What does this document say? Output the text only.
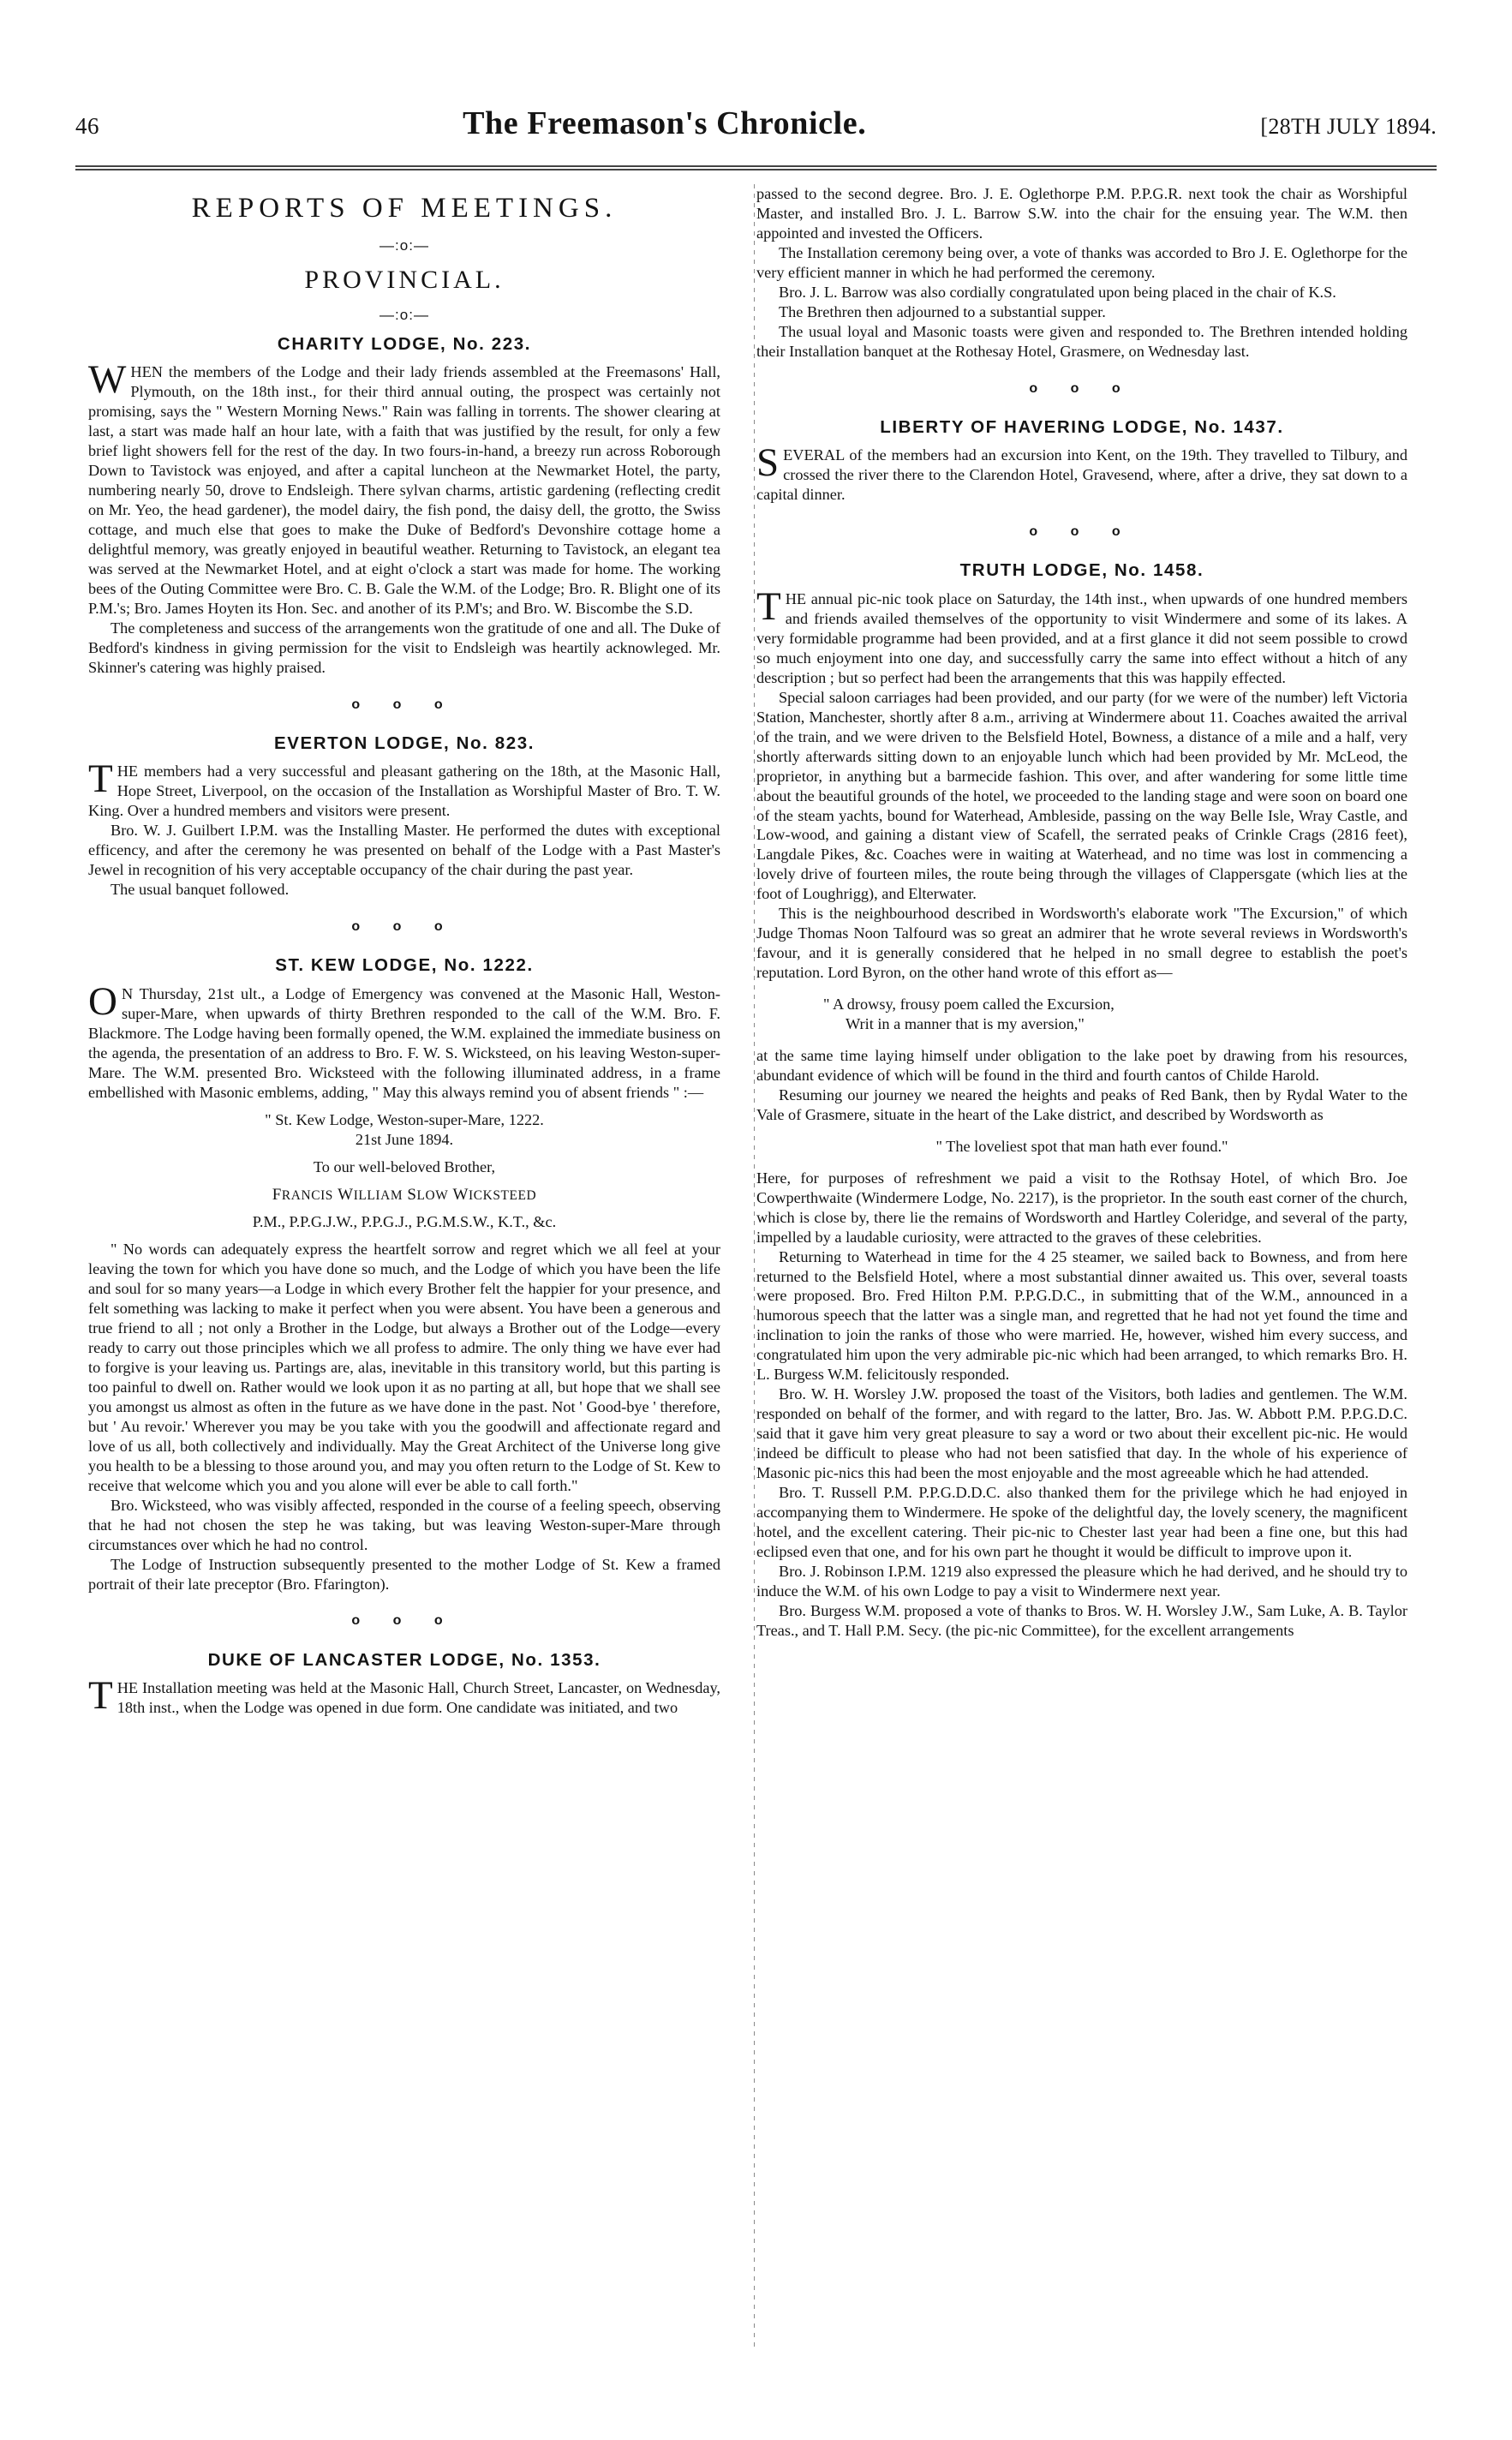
46	The Freemason's Chronicle.	[28TH JULY 1894.
REPORTS OF MEETINGS.
—:o:—
PROVINCIAL.
—:o:—
CHARITY LODGE, No. 223.

WHEN the members of the Lodge and their lady friends assembled at the Freemasons' Hall, Plymouth, on the 18th inst., for their third annual outing, the prospect was certainly not promising, says the " Western Morning News." Rain was falling in torrents. The shower clearing at last, a start was made half an hour late, with a faith that was justified by the result, for only a few brief light showers fell for the rest of the day. In two fours-in-hand, a breezy run across Roborough Down to Tavistock was enjoyed, and after a capital luncheon at the Newmarket Hotel, the party, numbering nearly 50, drove to Endsleigh. There sylvan charms, artistic gardening (reflecting credit on Mr. Yeo, the head gardener), the model dairy, the fish pond, the daisy dell, the grotto, the Swiss cottage, and much else that goes to make the Duke of Bedford's Devonshire cottage home a delightful memory, was greatly enjoyed in beautiful weather. Returning to Tavistock, an elegant tea was served at the Newmarket Hotel, and at eight o'clock a start was made for home. The working bees of the Outing Committee were Bro. C. B. Gale the W.M. of the Lodge; Bro. R. Blight one of its P.M.'s; Bro. James Hoyten its Hon. Sec. and another of its P.M's; and Bro. W. Biscombe the S.D.

The completeness and success of the arrangements won the gratitude of one and all. The Duke of Bedford's kindness in giving permission for the visit to Endsleigh was heartily acknowleged. Mr. Skinner's catering was highly praised.

o o o
EVERTON LODGE, No. 823.

THE members had a very successful and pleasant gathering on the 18th, at the Masonic Hall, Hope Street, Liverpool, on the occasion of the Installation as Worshipful Master of Bro. T. W. King. Over a hundred members and visitors were present.

Bro. W. J. Guilbert I.P.M. was the Installing Master. He performed the dutes with exceptional efficency, and after the ceremony he was presented on behalf of the Lodge with a Past Master's Jewel in recognition of his very acceptable occupancy of the chair during the past year.

The usual banquet followed.

o o o
ST. KEW LODGE, No. 1222.

ON Thursday, 21st ult., a Lodge of Emergency was convened at the Masonic Hall, Weston-super-Mare, when upwards of thirty Brethren responded to the call of the W.M. Bro. F. Blackmore. The Lodge having been formally opened, the W.M. explained the immediate business on the agenda, the presentation of an address to Bro. F. W. S. Wicksteed, on his leaving Weston-super-Mare. The W.M. presented Bro. Wicksteed with the following illuminated address, in a frame embellished with Masonic emblems, adding, " May this always remind you of absent friends " :—

" St. Kew Lodge, Weston-super-Mare, 1222.

21st June 1894.

To our well-beloved Brother,

FRANCIS WILLIAM SLOW WICKSTEED

P.M., P.P.G.J.W., P.P.G.J., P.G.M.S.W., K.T., &c.

" No words can adequately express the heartfelt sorrow and regret which we all feel at your leaving the town for which you have done so much, and the Lodge of which you have been the life and soul for so many years—a Lodge in which every Brother felt the happier for your presence, and felt something was lacking to make it perfect when you were absent. You have been a generous and true friend to all ; not only a Brother in the Lodge, but always a Brother out of the Lodge—every ready to carry out those principles which we all profess to admire. The only thing we have ever had to forgive is your leaving us. Partings are, alas, inevitable in this transitory world, but this parting is too painful to dwell on. Rather would we look upon it as no parting at all, but hope that we shall see you amongst us almost as often in the future as we have done in the past. Not ' Good-bye ' therefore, but ' Au revoir.' Wherever you may be you take with you the goodwill and affectionate regard and love of us all, both collectively and individually. May the Great Architect of the Universe long give you health to be a blessing to those around you, and may you often return to the Lodge of St. Kew to receive that welcome which you and you alone will ever be able to call forth."

Bro. Wicksteed, who was visibly affected, responded in the course of a feeling speech, observing that he had not chosen the step he was taking, but was leaving Weston-super-Mare through circumstances over which he had no control.

The Lodge of Instruction subsequently presented to the mother Lodge of St. Kew a framed portrait of their late preceptor (Bro. Ffarington).

o o o
DUKE OF LANCASTER LODGE, No. 1353.

THE Installation meeting was held at the Masonic Hall, Church Street, Lancaster, on Wednesday, 18th inst., when the Lodge was opened in due form. One candidate was initiated, and two

passed to the second degree. Bro. J. E. Oglethorpe P.M. P.P.G.R. next took the chair as Worshipful Master, and installed Bro. J. L. Barrow S.W. into the chair for the ensuing year. The W.M. then appointed and invested the Officers.

The Installation ceremony being over, a vote of thanks was accorded to Bro J. E. Oglethorpe for the very efficient manner in which he had performed the ceremony.

Bro. J. L. Barrow was also cordially congratulated upon being placed in the chair of K.S.

The Brethren then adjourned to a substantial supper.

The usual loyal and Masonic toasts were given and responded to. The Brethren intended holding their Installation banquet at the Rothesay Hotel, Grasmere, on Wednesday last.

o o o
LIBERTY OF HAVERING LODGE, No. 1437.

SEVERAL of the members had an excursion into Kent, on the 19th. They travelled to Tilbury, and crossed the river there to the Clarendon Hotel, Gravesend, where, after a drive, they sat down to a capital dinner.

o o o
TRUTH LODGE, No. 1458.

THE annual pic-nic took place on Saturday, the 14th inst., when upwards of one hundred members and friends availed themselves of the opportunity to visit Windermere and some of its lakes. A very formidable programme had been provided, and at a first glance it did not seem possible to crowd so much enjoyment into one day, and successfully carry the same into effect without a hitch of any description ; but so perfect had been the arrangements that this was happily effected.

Special saloon carriages had been provided, and our party (for we were of the number) left Victoria Station, Manchester, shortly after 8 a.m., arriving at Windermere about 11. Coaches awaited the arrival of the train, and we were driven to the Belsfield Hotel, Bowness, a distance of a mile and a half, very shortly afterwards sitting down to an enjoyable lunch which had been provided by Mr. McLeod, the proprietor, in anything but a barmecide fashion. This over, and after wandering for some little time about the beautiful grounds of the hotel, we proceeded to the landing stage and were soon on board one of the steam yachts, bound for Waterhead, Ambleside, passing on the way Belle Isle, Wray Castle, and Low-wood, and gaining a distant view of Scafell, the serrated peaks of Crinkle Crags (2816 feet), Langdale Pikes, &c. Coaches were in waiting at Waterhead, and no time was lost in commencing a lovely drive of fourteen miles, the route being through the villages of Clappersgate (which lies at the foot of Loughrigg), and Elterwater.

This is the neighbourhood described in Wordsworth's elaborate work "The Excursion," of which Judge Thomas Noon Talfourd was so great an admirer that he wrote several reviews in Wordsworth's favour, and it is generally considered that he helped in no small degree to establish the poet's reputation. Lord Byron, on the other hand wrote of this effort as—

" A drowsy, frousy poem called the Excursion,
Writ in a manner that is my aversion,"

at the same time laying himself under obligation to the lake poet by drawing from his resources, abundant evidence of which will be found in the third and fourth cantos of Childe Harold.

Resuming our journey we neared the heights and peaks of Red Bank, then by Rydal Water to the Vale of Grasmere, situate in the heart of the Lake district, and described by Wordsworth as

" The loveliest spot that man hath ever found."

Here, for purposes of refreshment we paid a visit to the Rothsay Hotel, of which Bro. Joe Cowperthwaite (Windermere Lodge, No. 2217), is the proprietor. In the south east corner of the church, which is close by, there lie the remains of Wordsworth and Hartley Coleridge, and several of the party, impelled by a laudable curiosity, were attracted to the graves of these celebrities.

Returning to Waterhead in time for the 4 25 steamer, we sailed back to Bowness, and from here returned to the Belsfield Hotel, where a most substantial dinner awaited us. This over, several toasts were proposed. Bro. Fred Hilton P.M. P.P.G.D.C., in submitting that of the W.M., announced in a humorous speech that the latter was a single man, and regretted that he had not yet found the time and inclination to join the ranks of those who were married. He, however, wished him every success, and congratulated him upon the very admirable pic-nic which had been arranged, to which remarks Bro. H. L. Burgess W.M. felicitously responded.

Bro. W. H. Worsley J.W. proposed the toast of the Visitors, both ladies and gentlemen. The W.M. responded on behalf of the former, and with regard to the latter, Bro. Jas. W. Abbott P.M. P.P.G.D.C. said that it gave him very great pleasure to say a word or two about their excellent pic-nic. He would indeed be difficult to please who had not been satisfied that day. In the whole of his experience of Masonic pic-nics this had been the most enjoyable and the most agreeable which he had attended.

Bro. T. Russell P.M. P.P.G.D.D.C. also thanked them for the privilege which he had enjoyed in accompanying them to Windermere. He spoke of the delightful day, the lovely scenery, the magnificent hotel, and the excellent catering. Their pic-nic to Chester last year had been a fine one, but this had eclipsed even that one, and for his own part he thought it would be difficult to improve upon it.

Bro. J. Robinson I.P.M. 1219 also expressed the pleasure which he had derived, and he should try to induce the W.M. of his own Lodge to pay a visit to Windermere next year.

Bro. Burgess W.M. proposed a vote of thanks to Bros. W. H. Worsley J.W., Sam Luke, A. B. Taylor Treas., and T. Hall P.M. Secy. (the pic-nic Committee), for the excellent arrangements
